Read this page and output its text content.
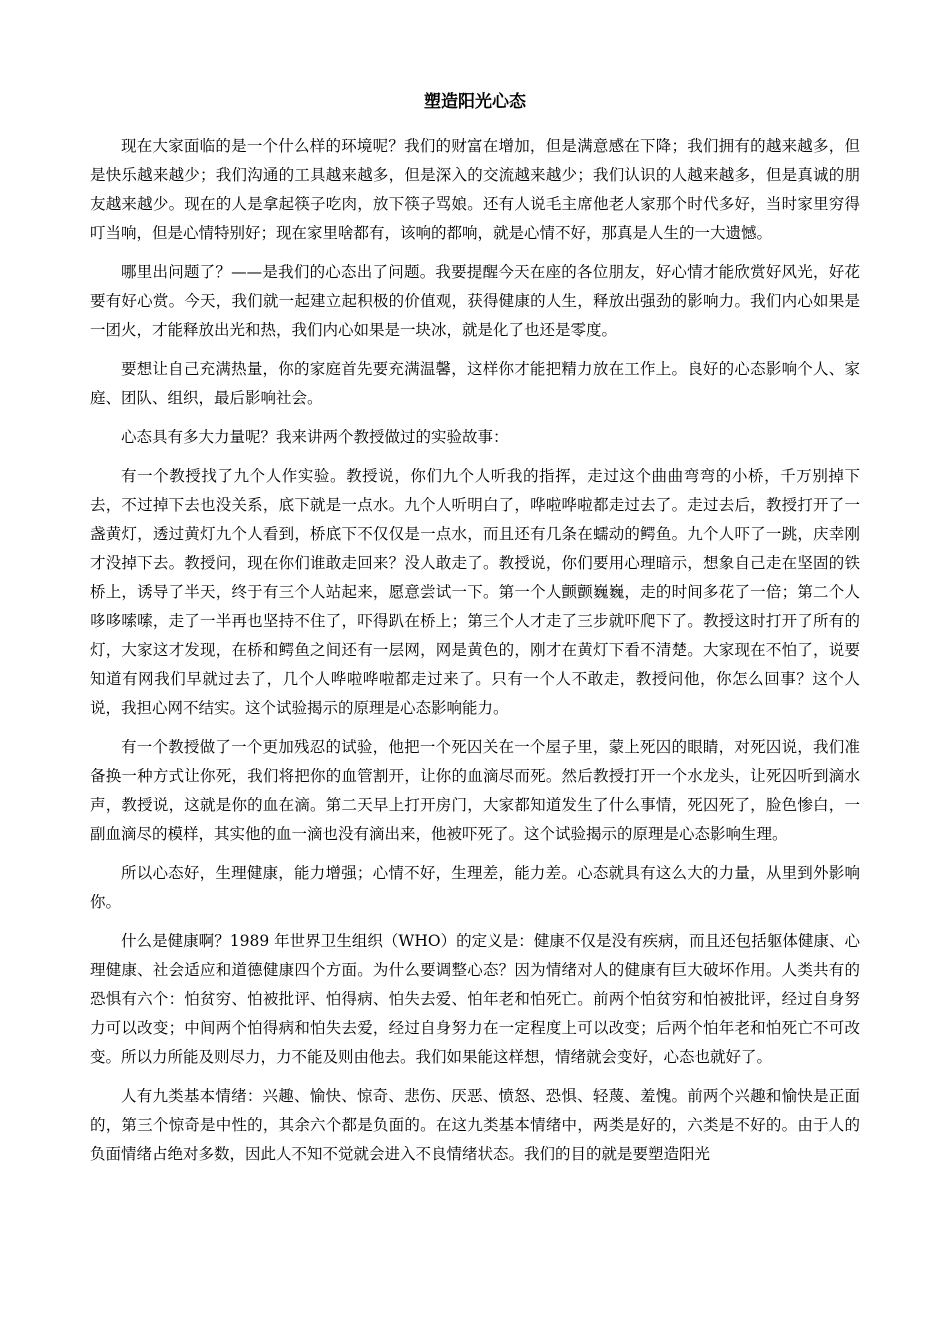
塑造阳光心态

现在大家面临的是一个什么样的环境呢？我们的财富在增加，但是满意感在下降；我们拥有的越来越多，但是快乐越来越少；我们沟通的工具越来越多，但是深入的交流越来越少；我们认识的人越来越多，但是真诚的朋友越来越少。现在的人是拿起筷子吃肉，放下筷子骂娘。还有人说毛主席他老人家那个时代多好，当时家里穷得叮当响，但是心情特别好；现在家里啥都有，该响的都响，就是心情不好，那真是人生的一大遗憾。

哪里出问题了？——是我们的心态出了问题。我要提醒今天在座的各位朋友，好心情才能欣赏好风光，好花要有好心赏。今天，我们就一起建立起积极的价值观，获得健康的人生，释放出强劲的影响力。我们内心如果是一团火，才能释放出光和热，我们内心如果是一块冰，就是化了也还是零度。

要想让自己充满热量，你的家庭首先要充满温馨，这样你才能把精力放在工作上。良好的心态影响个人、家庭、团队、组织，最后影响社会。

心态具有多大力量呢？我来讲两个教授做过的实验故事：

有一个教授找了九个人作实验。教授说，你们九个人听我的指挥，走过这个曲曲弯弯的小桥，千万别掉下去，不过掉下去也没关系，底下就是一点水。九个人听明白了，哗啦哗啦都走过去了。走过去后，教授打开了一盏黄灯，透过黄灯九个人看到，桥底下不仅仅是一点水，而且还有几条在蠕动的鳄鱼。九个人吓了一跳，庆幸刚才没掉下去。教授问，现在你们谁敢走回来？没人敢走了。教授说，你们要用心理暗示，想象自己走在坚固的铁桥上，诱导了半天，终于有三个人站起来，愿意尝试一下。第一个人颤颤巍巍，走的时间多花了一倍；第二个人哆哆嗦嗦，走了一半再也坚持不住了，吓得趴在桥上；第三个人才走了三步就吓爬下了。教授这时打开了所有的灯，大家这才发现，在桥和鳄鱼之间还有一层网，网是黄色的，刚才在黄灯下看不清楚。大家现在不怕了，说要知道有网我们早就过去了，几个人哗啦哗啦都走过来了。只有一个人不敢走，教授问他，你怎么回事？这个人说，我担心网不结实。这个试验揭示的原理是心态影响能力。

有一个教授做了一个更加残忍的试验，他把一个死囚关在一个屋子里，蒙上死囚的眼睛，对死囚说，我们准备换一种方式让你死，我们将把你的血管割开，让你的血滴尽而死。然后教授打开一个水龙头，让死囚听到滴水声，教授说，这就是你的血在滴。第二天早上打开房门，大家都知道发生了什么事情，死囚死了，脸色惨白，一副血滴尽的模样，其实他的血一滴也没有滴出来，他被吓死了。这个试验揭示的原理是心态影响生理。

所以心态好，生理健康，能力增强；心情不好，生理差，能力差。心态就具有这么大的力量，从里到外影响你。

什么是健康啊？1989 年世界卫生组织（WHO）的定义是：健康不仅是没有疾病，而且还包括躯体健康、心理健康、社会适应和道德健康四个方面。为什么要调整心态？因为情绪对人的健康有巨大破坏作用。人类共有的恐惧有六个：怕贫穷、怕被批评、怕得病、怕失去爱、怕年老和怕死亡。前两个怕贫穷和怕被批评，经过自身努力可以改变；中间两个怕得病和怕失去爱，经过自身努力在一定程度上可以改变；后两个怕年老和怕死亡不可改变。所以力所能及则尽力，力不能及则由他去。我们如果能这样想，情绪就会变好，心态也就好了。

人有九类基本情绪：兴趣、愉快、惊奇、悲伤、厌恶、愤怒、恐惧、轻蔑、羞愧。前两个兴趣和愉快是正面的，第三个惊奇是中性的，其余六个都是负面的。在这九类基本情绪中，两类是好的，六类是不好的。由于人的负面情绪占绝对多数，因此人不知不觉就会进入不良情绪状态。我们的目的就是要塑造阳光
